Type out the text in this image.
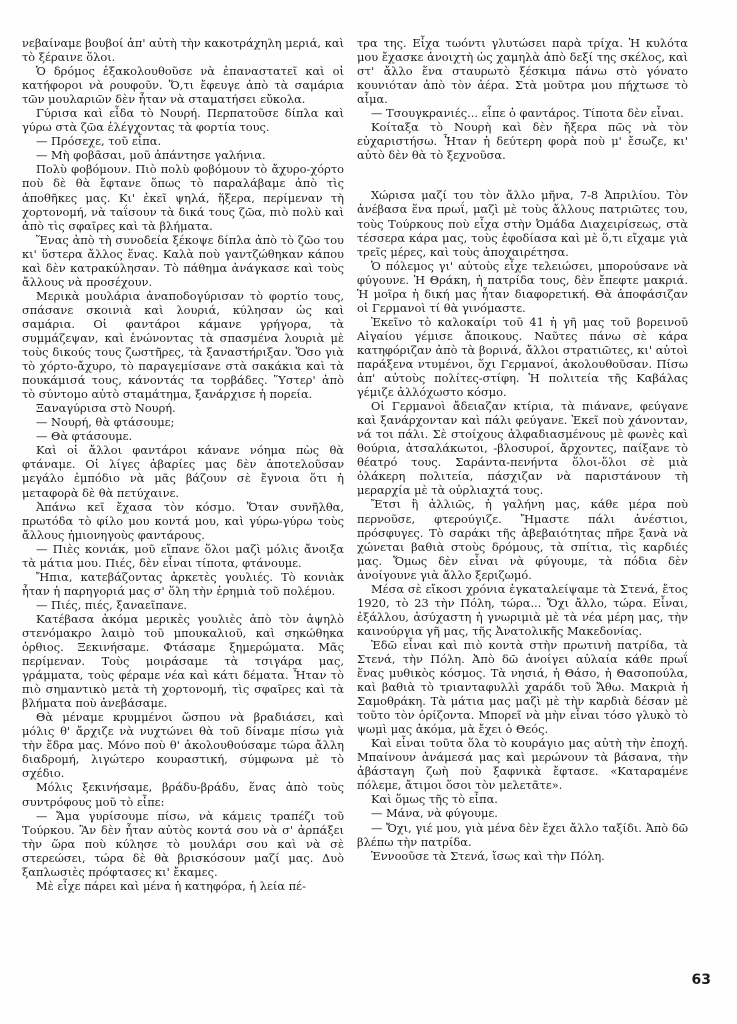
νεβαίναμε βουβοί ἀπ' αὐτὴ τὴν κακοτράχηλη μεριά, καὶ τὸ ξέραινε ὅλοι.

Ὁ δρόμος ἐξακολουθοῦσε νὰ ἐπαναστατεῖ καὶ οἱ κατήφοροι νὰ ρουφοῦν. Ὅ,τι ἔφευγε ἀπὸ τὰ σαμάρια τῶν μουλαριῶν δὲν ἦταν νὰ σταματήσει εὔκολα.

Γύρισα καὶ εἶδα τὸ Νουρή. Περπατοῦσε δίπλα καὶ γύρω στὰ ζῶα ἐλέγχοντας τὰ φορτία τους.

— Πρόσεχε, τοῦ εἶπα.

— Μὴ φοβᾶσαι, μοῦ ἀπάντησε γαλήνια.

Πολὺ φοβόμουν. Πιὸ πολὺ φοβόμουν τὸ ἄχυρο-χόρτο ποὺ δὲ θὰ ἔφτανε ὅπως τὸ παραλάβαμε ἀπὸ τὶς ἀποθῆκες μας. Κι' ἐκεῖ ψηλά, ἥξερα, περίμεναν τὴ χορτονομή, νὰ ταΐσουν τὰ δικά τους ζῶα, πιὸ πολὺ καὶ ἀπὸ τὶς σφαῖρες καὶ τὰ βλήματα.

Ἕνας ἀπὸ τὴ συνοδεία ξέκοψε δίπλα ἀπὸ τὸ ζῶο του κι' ὕστερα ἄλλος ἕνας. Καλὰ ποὺ γαντζώθηκαν κάπου καὶ δὲν κατρακύλησαν. Τὸ πάθημα ἀνάγκασε καὶ τοὺς ἄλλους νὰ προσέχουν.

Μερικὰ μουλάρια ἀναποδογύρισαν τὸ φορτίο τους, σπάσανε σκοινιὰ καὶ λουριά, κύλησαν ὡς καὶ σαμάρια. Οἱ φαντάροι κάμανε γρήγορα, τὰ συμμάζεψαν, καὶ ἑνώνοντας τὰ σπασμένα λουριὰ μὲ τοὺς δικούς τους ζωστῆρες, τὰ ξαναστήριξαν. Ὅσο γιὰ τὸ χόρτο-ἄχυρο, τὸ παραγεμίσανε στὰ σακάκια καὶ τὰ πουκάμισά τους, κάνοντάς τα τορβάδες. Ὕστερ' ἀπὸ τὸ σύντομο αὐτὸ σταμάτημα, ξανάρχισε ἡ πορεία.

Ξαναγύρισα στὸ Νουρή.

— Νουρή, θὰ φτάσουμε;

— Θὰ φτάσουμε.

Καὶ οἱ ἄλλοι φαντάροι κάνανε νόημα πὼς θὰ φτάναμε. Οἱ λίγες ἀβαρίες μας δὲν ἀποτελοῦσαν μεγάλο ἐμπόδιο νὰ μᾶς βάζουν σὲ ἔγνοια ὅτι ἡ μεταφορὰ δὲ θὰ πετύχαινε.

Ἀπάνω κεῖ ἔχασα τὸν κόσμο. Ὅταν συνῆλθα, πρωτόδα τὸ φίλο μου κοντά μου, καὶ γύρω-γύρω τοὺς ἄλλους ἠμιονηγοὺς φαντάρους.

— Πιὲς κονιάκ, μοῦ εἴπανε ὅλοι μαζὶ μόλις ἄνοιξα τὰ μάτια μου. Πιές, δὲν εἶναι τίποτα, φτάνουμε.

Ἤπια, κατεβάζοντας ἀρκετὲς γουλιές. Τὸ κονιὰκ ἦταν ἡ παρηγοριά μας σ' ὅλη τὴν ἐρημιὰ τοῦ πολέμου.

— Πιές, πιές, ξαναεῖπανε.

Κατέβασα ἀκόμα μερικὲς γουλιὲς ἀπὸ τὸν ἀψηλὸ στενόμακρο λαιμὸ τοῦ μπουκαλιοῦ, καὶ σηκώθηκα ὀρθιος. Ξεκινήσαμε. Φτάσαμε ξημερώματα. Μᾶς περίμεναν. Τοὺς μοιράσαμε τὰ τσιγάρα μας, γράμματα, τοὺς φέραμε νέα καὶ κάτι δέματα. Ἦταν τὸ πιὸ σημαντικὸ μετὰ τὴ χορτονομή, τὶς σφαῖρες καὶ τὰ βλήματα ποὺ ἀνεβάσαμε.

Θὰ μέναμε κρυμμένοι ὥσπου νὰ βραδιάσει, καὶ μόλις θ' ἄρχιζε νὰ νυχτώνει θὰ τοῦ δίναμε πίσω γιὰ τὴν ἕδρα μας. Μόνο ποὺ θ' ἀκολουθούσαμε τώρα ἄλλη διαδρομή, λιγώτερο κουραστική, σύμφωνα μὲ τὸ σχέδιο.

Μόλις ξεκινήσαμε, βράδυ-βράδυ, ἕνας ἀπὸ τοὺς συντρόφους μοῦ τὸ εἶπε:

— Ἄμα γυρίσουμε πίσω, νὰ κάμεις τραπέζι τοῦ Τούρκου. Ἂν δὲν ἦταν αὐτὸς κοντά σου νὰ σ' ἁρπάξει τὴν ὥρα ποὺ κύλησε τὸ μουλάρι σου καὶ νὰ σὲ στερεώσει, τώρα δὲ θὰ βρισκόσουν μαζί μας. Δυὸ ξαπλωσιὲς πρόφτασες κι' ἔκαμες.

Μὲ εἶχε πάρει καὶ μένα ἡ κατηφόρα, ἡ λεία πέ-

τρα της. Εἶχα τωόντι γλυτώσει παρὰ τρίχα. Ἡ κυλότα μου ἔχασκε ἀνοιχτὴ ὡς χαμηλὰ ἀπὸ δεξί της σκέλος, καὶ στ' ἄλλο ἕνα σταυρωτὸ ξέσκιμα πάνω στὸ γόνατο κουνιόταν ἀπὸ τὸν ἀέρα. Στὰ μοῦτρα μου πήχτωσε τὸ αἷμα.

— Τσουγκρανιές... εἶπε ὁ φαντάρος. Τίποτα δὲν εἶναι.

Κοίταξα τὸ Νουρὴ καὶ δὲν ἤξερα πῶς νὰ τὸν εὐχαριστήσω. Ἦταν ἡ δεύτερη φορὰ ποὺ μ' ἔσωζε, κι' αὐτὸ δὲν θὰ τὸ ξεχνοῦσα.

Χώρισα μαζί του τὸν ἄλλο μῆνα, 7-8 Ἀπριλίου. Τὸν ἀνέβασα ἕνα πρωΐ, μαζὶ μὲ τοὺς ἄλλους πατριῶτες του, τοὺς Τούρκους ποὺ εἶχα στὴν Ὀμάδα Διαχειρίσεως, στὰ τέσσερα κάρα μας, τοὺς ἐφοδίασα καὶ μὲ ὅ,τι εἴχαμε γιὰ τρεῖς μέρες, καὶ τοὺς ἀποχαιρέτησα.

Ὁ πόλεμος γι' αὐτοὺς εἶχε τελειώσει, μπορούσανε νὰ φύγουνε. Ἡ Θράκη, ἡ πατρίδα τους, δὲν ἔπεφτε μακριά. Ἡ μοῖρα ἡ δική μας ἦταν διαφορετική. Θὰ ἀποφάσιζαν οἱ Γερμανοὶ τί θὰ γινόμαστε.

Ἐκεῖνο τὸ καλοκαίρι τοῦ 41 ἡ γῆ μας τοῦ βορεινοῦ Αἰγαίου γέμισε ἄποικους. Ναῦτες πάνω σὲ κάρα κατηφόριζαν ἀπὸ τὰ βορινά, ἄλλοι στρατιῶτες, κι' αὐτοὶ παράξενα ντυμένοι, ὅχι Γερμανοί, ἀκολουθοῦσαν. Πίσω ἀπ' αὐτοὺς πολίτες-στίφη. Ἡ πολιτεία τῆς Καβάλας γέμιζε ἀλλόχωστο κόσμο.

Οἱ Γερμανοὶ ἄδειαζαν κτίρια, τὰ πιάνανε, φεύγανε καὶ ξανάρχονταν καὶ πάλι φεύγανε. Ἐκεῖ ποὺ χάνονταν, νά τοι πάλι. Σὲ στοίχους ἀλφαδιασμένους μὲ φωνὲς καὶ θούρια, ἀτσαλάκωτοι, -βλοσυροί, ἄρχοντες, παίξανε τὸ θέατρό τους. Σαράντα-πενήντα ὅλοι-ὅλοι σὲ μιὰ ὁλάκερη πολιτεία, πάσχιζαν νὰ παριστάνουν τὴ μεραρχία μὲ τὰ οὐρλιαχτά τους.

Ἔτσι ἢ ἀλλιῶς, ἡ γαλήνη μας, κάθε μέρα ποὺ περνοῦσε, φτερούγιζε. Ἤμαστε πάλι ἀνέστιοι, πρόσφυγες. Τὸ σαράκι τῆς ἀβεβαιότητας πῆρε ξανὰ νὰ χώνεται βαθιὰ στοὺς δρόμους, τὰ σπίτια, τὶς καρδιές μας. Ὅμως δὲν εἶναι νὰ φύγουμε, τὰ πόδια δὲν ἀνοίγουνε γιὰ ἄλλο ξεριζωμό.

Μέσα σὲ εἴκοσι χρόνια ἐγκαταλείψαμε τὰ Στενά, ἔτος 1920, τὸ 23 τὴν Πόλη, τώρα... Ὄχι ἄλλο, τώρα. Εἶναι, ἐξάλλου, ἀσύχαστη ἡ γνωριμιὰ μὲ τὰ νέα μέρη μας, τὴν καινούργια γῆ μας, τῆς Ἀνατολικῆς Μακεδονίας.

Ἐδῶ εἶναι καὶ πιὸ κοντὰ στὴν πρωτινὴ πατρίδα, τὰ Στενά, τὴν Πόλη. Ἀπὸ δῶ ἀνοίγει αὐλαία κάθε πρωΐ ἕνας μυθικὸς κόσμος. Τὰ νησιά, ἡ Θάσο, ἡ Θασοπούλα, καὶ βαθιὰ τὸ τριανταφυλλὶ χαράδι τοῦ Ἄθω. Μακριὰ ἡ Σαμοθράκη. Τὰ μάτια μας μαζὶ μὲ τὴν καρδιὰ δέσαν μὲ τοῦτο τὸν ὁρίζοντα. Μπορεῖ νὰ μὴν εἶναι τόσο γλυκὸ τὸ ψωμὶ μας ἀκόμα, μὰ ἔχει ὁ Θεός.

Καὶ εἶναι τοῦτα ὅλα τὸ κουράγιο μας αὐτὴ τὴν ἐποχή. Μπαίνουν ἀνάμεσά μας καὶ μερώνουν τὰ βάσανα, τὴν ἀβάσταγη ζωὴ ποὺ ξαφνικὰ ἔφτασε. «Καταραμένε πόλεμε, ἄτιμοι ὅσοι τὸν μελετᾶτε».

Καὶ ὅμως τῆς τὸ εἶπα.

— Μάνα, νὰ φύγουμε.

— Ὄχι, γιέ μου, γιὰ μένα δὲν ἔχει ἄλλο ταξίδι. Ἀπὸ δῶ βλέπω τὴν πατρίδα.

Ἐννοοῦσε τὰ Στενά, ἴσως καὶ τὴν Πόλη.

63
